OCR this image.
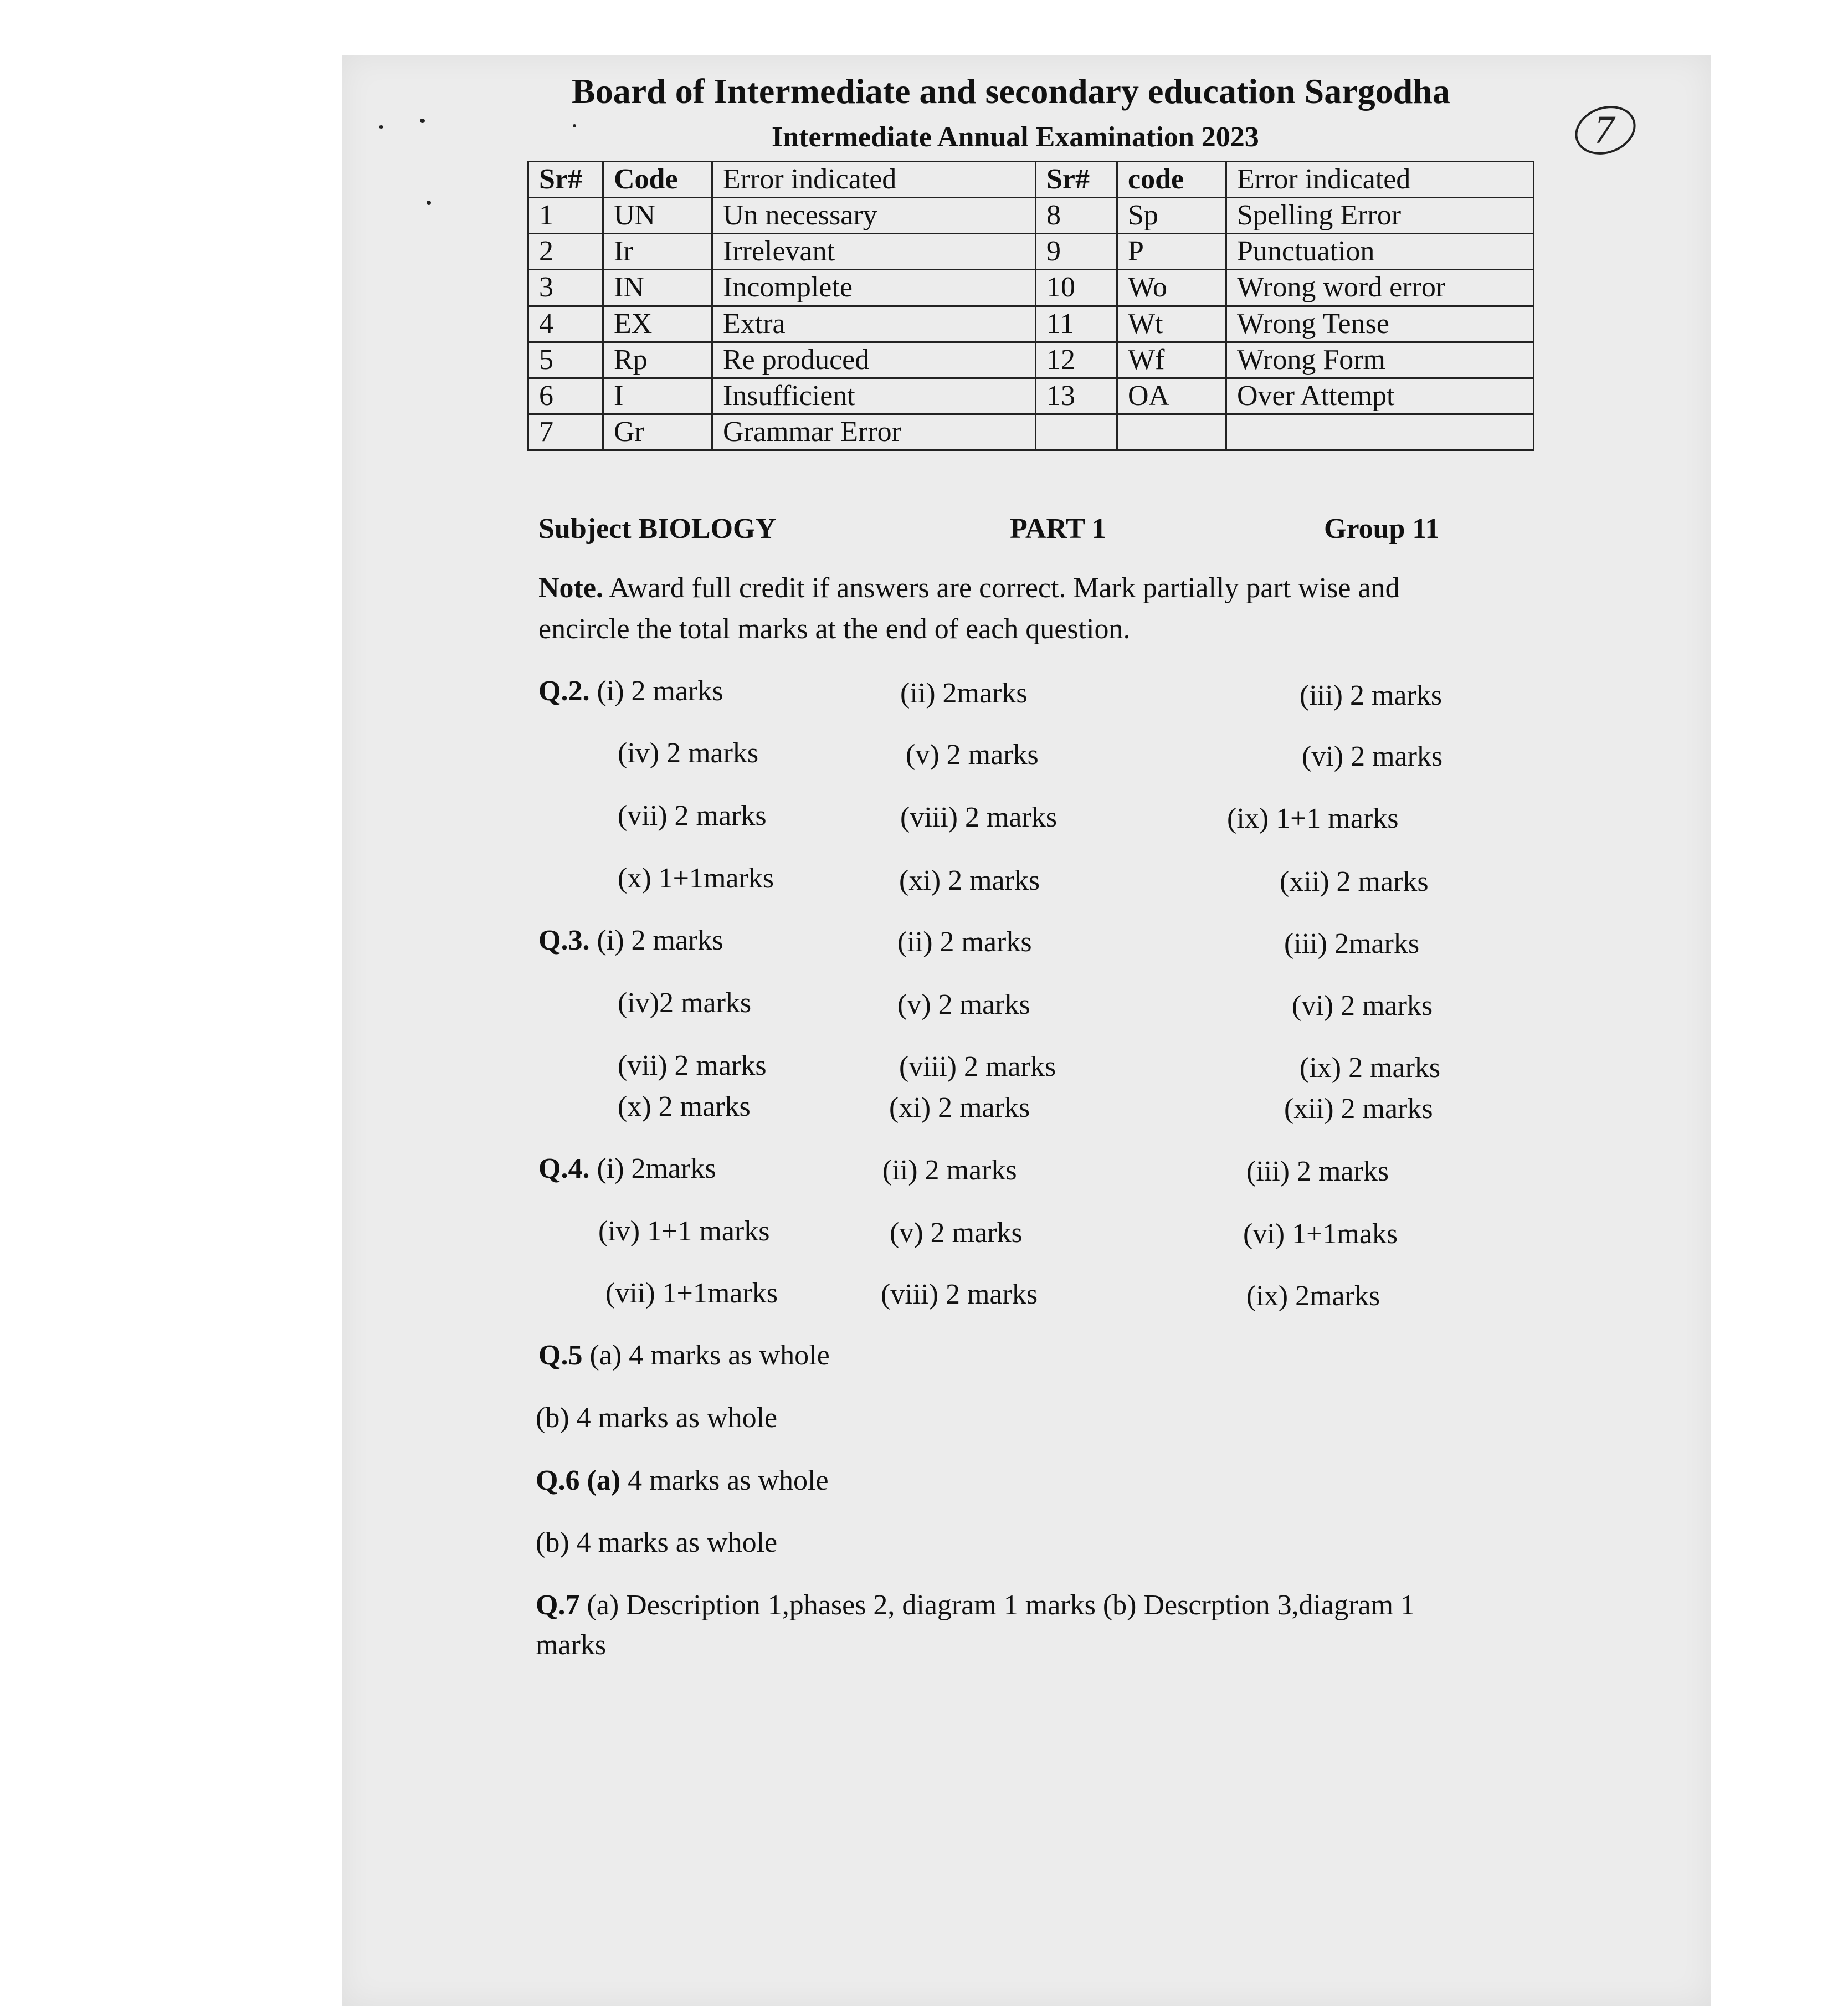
Board of Intermediate and secondary education Sargodha
Intermediate Annual Examination 2023	7
Sr#	Code	Error indicated	Sr#	code	Error indicated
1	UN	Un necessary	8	Sp	Spelling Error
2	Ir	Irrelevant	9	P	Punctuation
3	IN	Incomplete	10	Wo	Wrong word error
4	EX	Extra	11	Wt	Wrong Tense
5	Rp	Re produced	12	Wf	Wrong Form
6	I	Insufficient	13	OA	Over Attempt
7	Gr	Grammar Error			
Subject BIOLOGY	PART 1	Group 11
Note. Award full credit if answers are correct. Mark partially part wise and
encircle the total marks at the end of each question.
Q.2. (i) 2 marks	(ii) 2marks	(iii) 2 marks
(iv) 2 marks	(v) 2 marks	(vi) 2 marks
(vii) 2 marks	(viii) 2 marks	(ix) 1+1 marks
(x) 1+1marks	(xi) 2 marks	(xii) 2 marks
Q.3. (i) 2 marks	(ii) 2 marks	(iii) 2marks
(iv)2 marks	(v) 2 marks	(vi) 2 marks
(vii) 2 marks	(viii) 2 marks	(ix) 2 marks
(x) 2 marks	(xi) 2 marks	(xii) 2 marks
Q.4. (i) 2marks	(ii) 2 marks	(iii) 2 marks
(iv) 1+1 marks	(v) 2 marks	(vi) 1+1maks
(vii) 1+1marks	(viii) 2 marks	(ix) 2marks
Q.5 (a) 4 marks as whole
(b) 4 marks as whole
Q.6 (a) 4 marks as whole
(b) 4 marks as whole
Q.7 (a) Description 1,phases 2, diagram 1 marks (b) Descrption 3,diagram 1
marks
